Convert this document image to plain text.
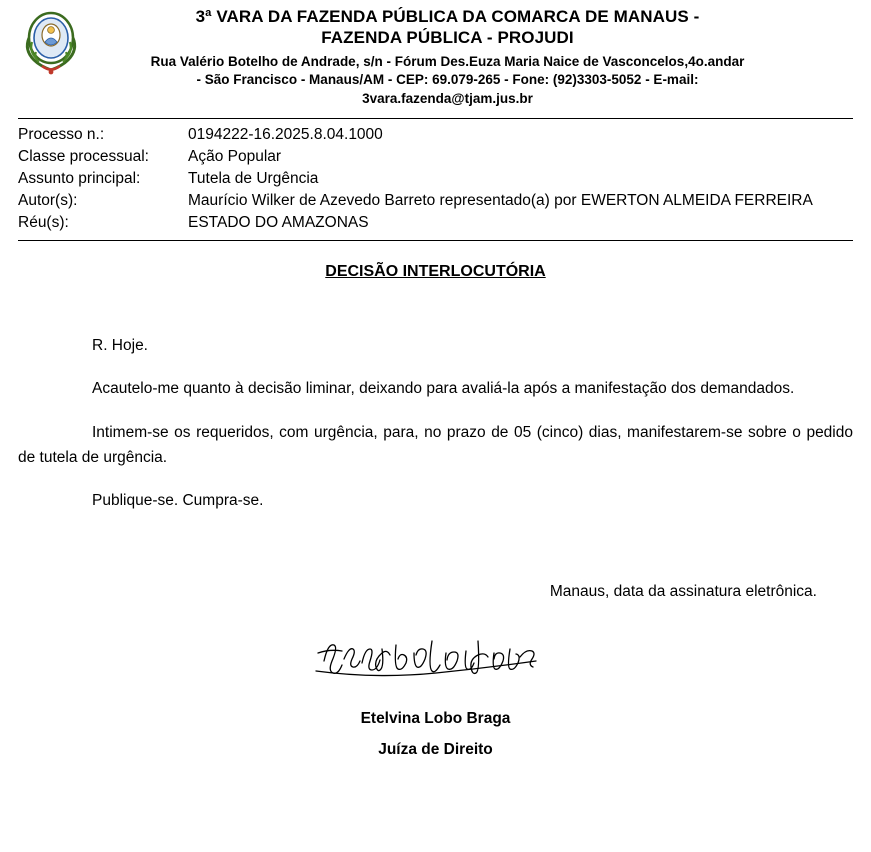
3ª VARA DA FAZENDA PÚBLICA DA COMARCA DE MANAUS -
FAZENDA PÚBLICA - PROJUDI
Rua Valério Botelho de Andrade, s/n - Fórum Des.Euza Maria Naice de Vasconcelos,4o.andar
- São Francisco - Manaus/AM - CEP: 69.079-265 - Fone: (92)3303-5052 - E-mail:
3vara.fazenda@tjam.jus.br
Processo n.:	0194222-16.2025.8.04.1000
Classe processual:	Ação Popular
Assunto principal:	Tutela de Urgência
Autor(s):	Maurício Wilker de Azevedo Barreto representado(a) por EWERTON ALMEIDA FERREIRA
Réu(s):	ESTADO DO AMAZONAS
DECISÃO INTERLOCUTÓRIA

R. Hoje.

Acautelo-me quanto à decisão liminar, deixando para avaliá-la após a manifestação dos demandados.

Intimem-se os requeridos, com urgência, para, no prazo de 05 (cinco) dias, manifestarem-se sobre o pedido de tutela de urgência.

Publique-se. Cumpra-se.

Manaus, data da assinatura eletrônica.
Etelvina Lobo Braga
Juíza de Direito
